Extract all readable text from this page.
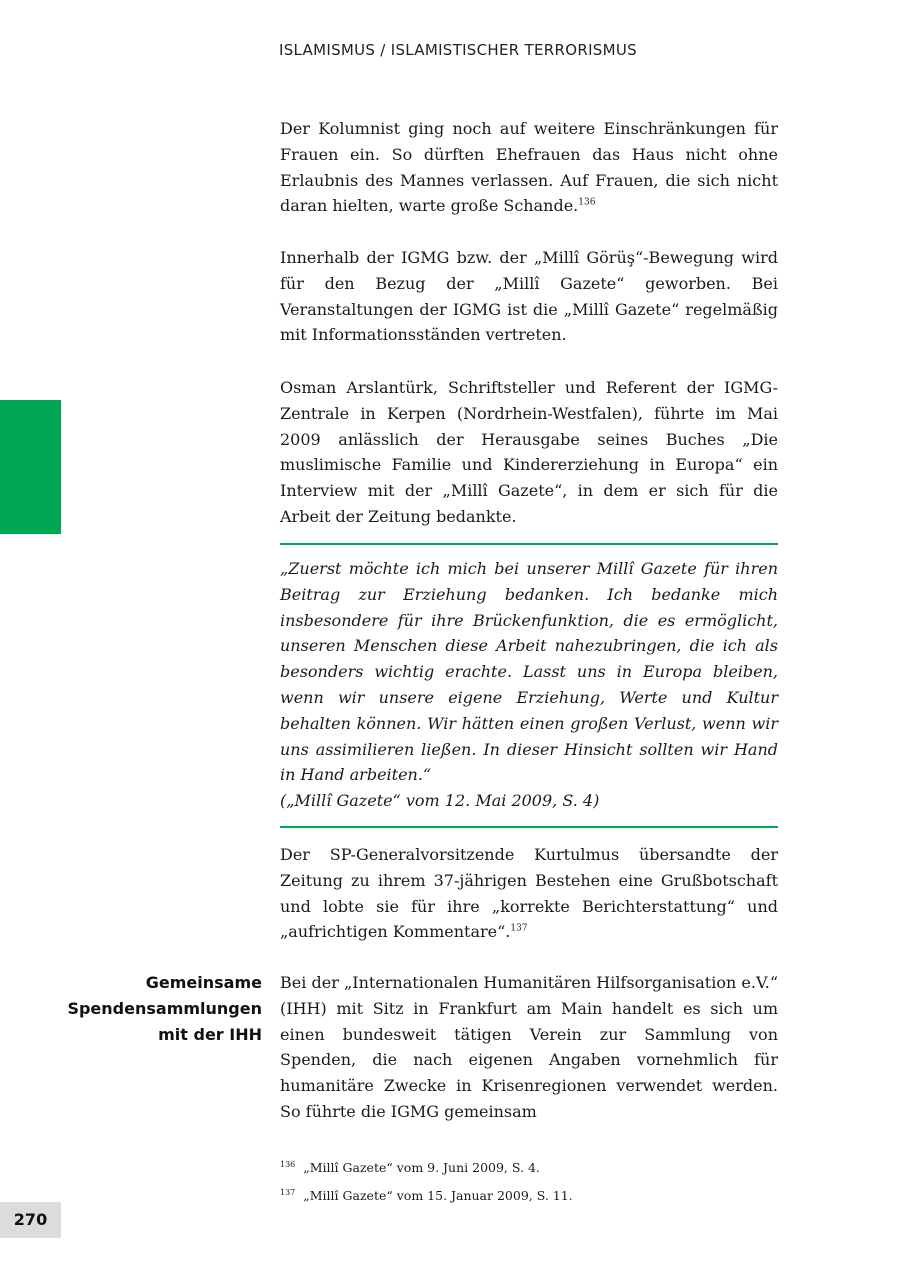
ISLAMISMUS / ISLAMISTISCHER TERRORISMUS

Der Kolumnist ging noch auf weitere Einschränkungen für Frauen ein. So dürften Ehefrauen das Haus nicht ohne Erlaubnis des Mannes verlassen. Auf Frauen, die sich nicht daran hielten, warte große Schande.$^{136}$

Innerhalb der IGMG bzw. der „Millî Görüş“-Bewegung wird für den Bezug der „Millî Gazete“ geworben. Bei Veranstaltungen der IGMG ist die „Millî Gazete“ regelmäßig mit Informationsständen vertreten.

Osman Arslantürk, Schriftsteller und Referent der IGMG-Zentrale in Kerpen (Nordrhein-Westfalen), führte im Mai 2009 anlässlich der Herausgabe seines Buches „Die muslimische Familie und Kindererziehung in Europa“ ein Interview mit der „Millî Gazete“, in dem er sich für die Arbeit der Zeitung bedankte.

„Zuerst möchte ich mich bei unserer Millî Gazete für ihren Beitrag zur Erziehung bedanken. Ich bedanke mich insbesondere für ihre Brückenfunktion, die es ermöglicht, unseren Menschen diese Arbeit nahezubringen, die ich als besonders wichtig erachte. Lasst uns in Europa bleiben, wenn wir unsere eigene Erziehung, Werte und Kultur behalten können. Wir hätten einen großen Verlust, wenn wir uns assimilieren ließen. In dieser Hinsicht sollten wir Hand in Hand arbeiten.“

(„Millî Gazete“ vom 12. Mai 2009, S. 4)

Der SP-Generalvorsitzende Kurtulmus übersandte der Zeitung zu ihrem 37-jährigen Bestehen eine Grußbotschaft und lobte sie für ihre „korrekte Berichterstattung“ und „aufrichtigen Kommentare“.$^{137}$

Gemeinsame Spendensammlungen mit der IHH

Bei der „Internationalen Humanitären Hilfsorganisation e.V.“ (IHH) mit Sitz in Frankfurt am Main handelt es sich um einen bundesweit tätigen Verein zur Sammlung von Spenden, die nach eigenen Angaben vornehmlich für humanitäre Zwecke in Krisenregionen verwendet werden. So führte die IGMG gemeinsam

$^{136}$ „Millî Gazete“ vom 9. Juni 2009, S. 4.

$^{137}$ „Millî Gazete“ vom 15. Januar 2009, S. 11.

270
